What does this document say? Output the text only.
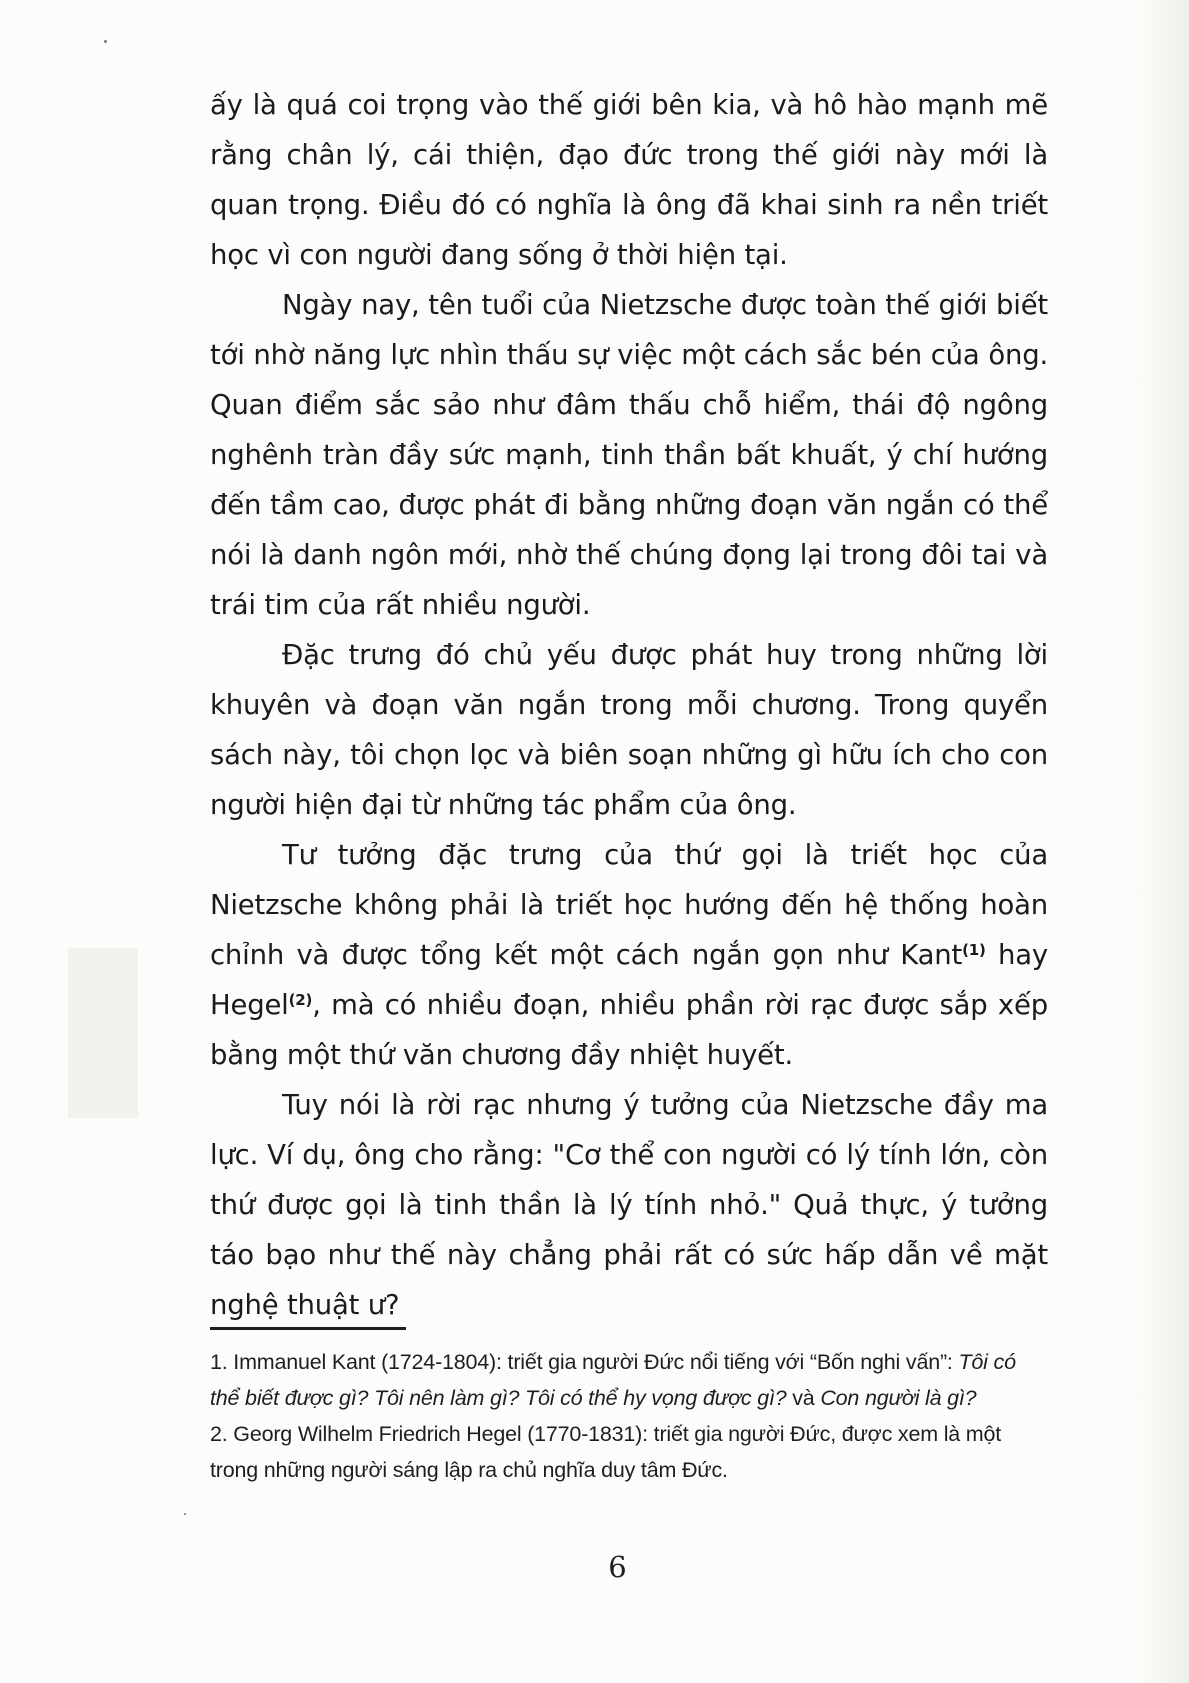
ấy là quá coi trọng vào thế giới bên kia, và hô hào mạnh mẽ rằng chân lý, cái thiện, đạo đức trong thế giới này mới là quan trọng. Điều đó có nghĩa là ông đã khai sinh ra nền triết học vì con người đang sống ở thời hiện tại.

Ngày nay, tên tuổi của Nietzsche được toàn thế giới biết tới nhờ năng lực nhìn thấu sự việc một cách sắc bén của ông. Quan điểm sắc sảo như đâm thấu chỗ hiểm, thái độ ngông nghênh tràn đầy sức mạnh, tinh thần bất khuất, ý chí hướng đến tầm cao, được phát đi bằng những đoạn văn ngắn có thể nói là danh ngôn mới, nhờ thế chúng đọng lại trong đôi tai và trái tim của rất nhiều người.

Đặc trưng đó chủ yếu được phát huy trong những lời khuyên và đoạn văn ngắn trong mỗi chương. Trong quyển sách này, tôi chọn lọc và biên soạn những gì hữu ích cho con người hiện đại từ những tác phẩm của ông.

Tư tưởng đặc trưng của thứ gọi là triết học của Nietzsche không phải là triết học hướng đến hệ thống hoàn chỉnh và được tổng kết một cách ngắn gọn như Kant$^{(1)}$ hay Hegel$^{(2)}$, mà có nhiều đoạn, nhiều phần rời rạc được sắp xếp bằng một thứ văn chương đầy nhiệt huyết.

Tuy nói là rời rạc nhưng ý tưởng của Nietzsche đầy ma lực. Ví dụ, ông cho rằng: "Cơ thể con người có lý tính lớn, còn thứ được gọi là tinh thần là lý tính nhỏ." Quả thực, ý tưởng táo bạo như thế này chẳng phải rất có sức hấp dẫn về mặt nghệ thuật ư?

1. Immanuel Kant (1724-1804): triết gia người Đức nổi tiếng với “Bốn nghi vấn”: Tôi có thể biết được gì? Tôi nên làm gì? Tôi có thể hy vọng được gì? và Con người là gì?

2. Georg Wilhelm Friedrich Hegel (1770-1831): triết gia người Đức, được xem là một trong những người sáng lập ra chủ nghĩa duy tâm Đức.

6
